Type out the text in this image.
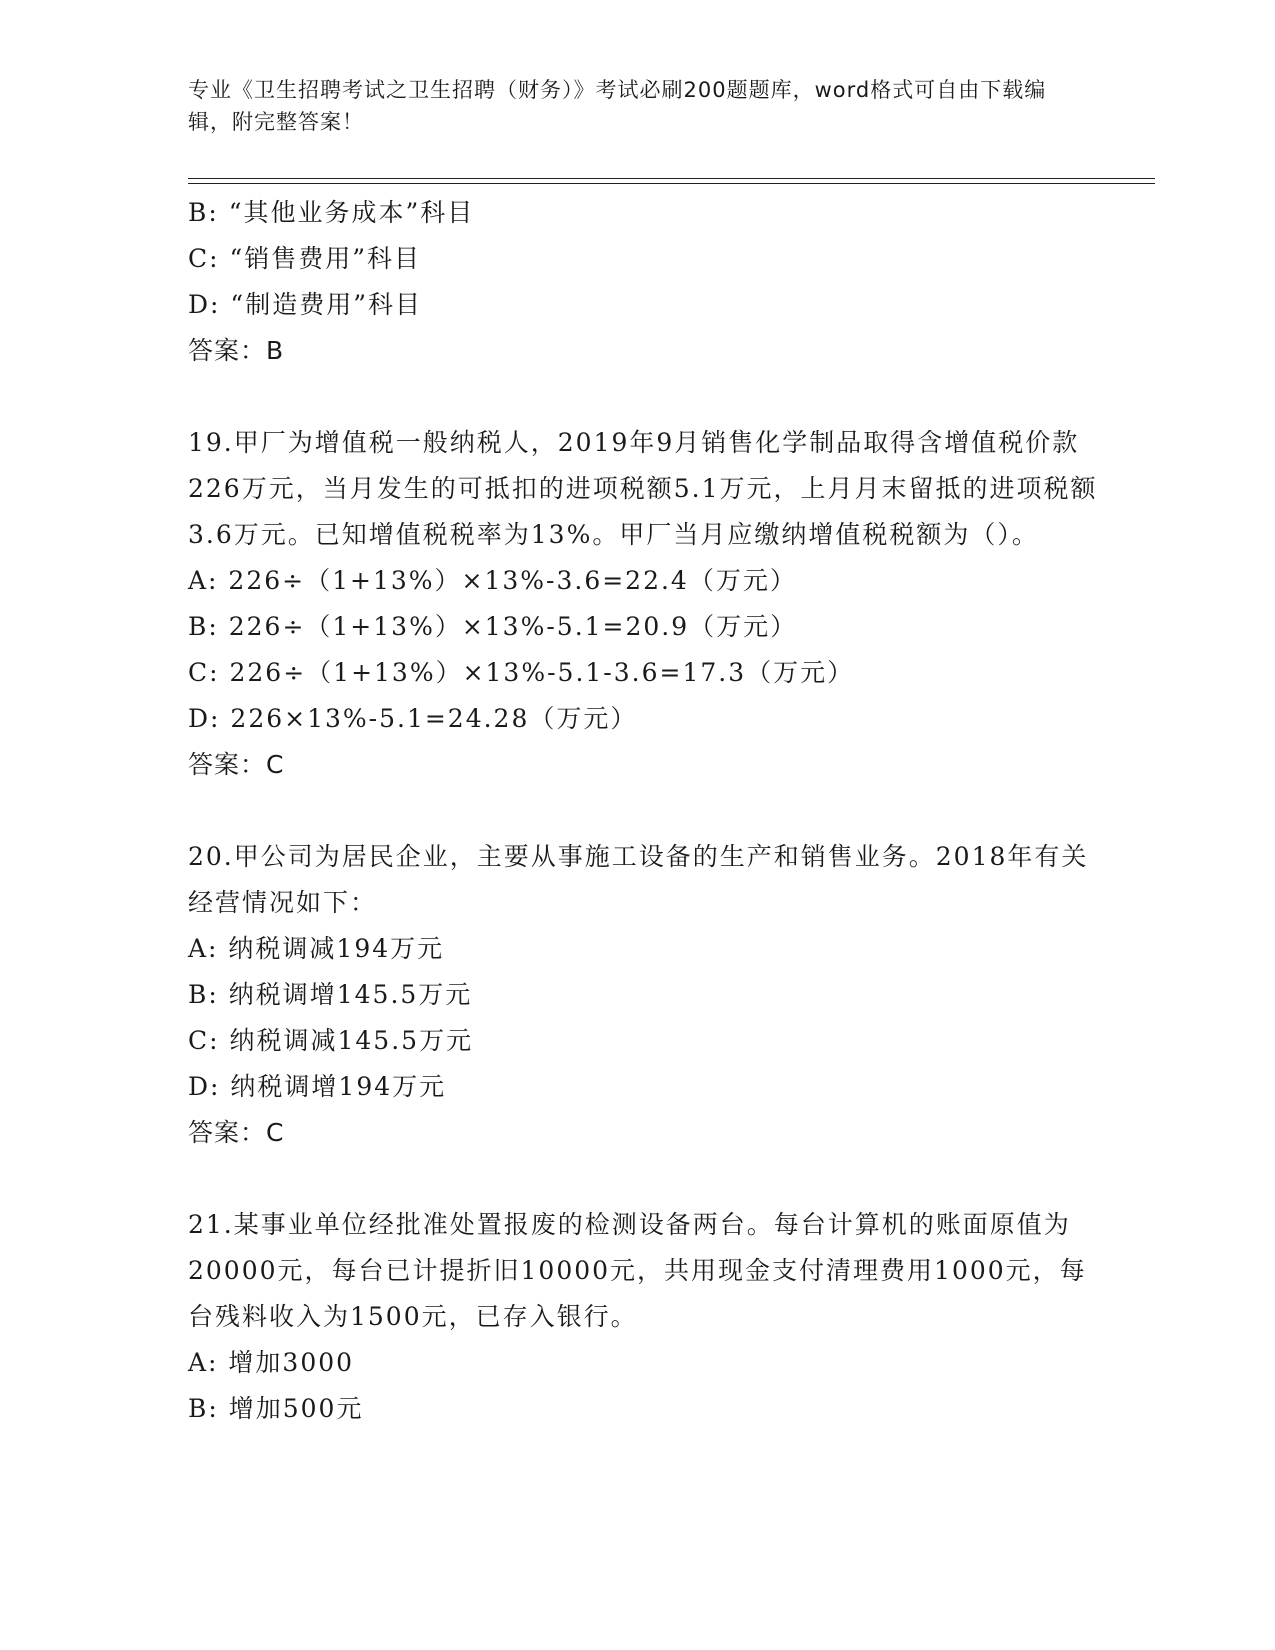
专业《卫生招聘考试之卫生招聘（财务）》考试必刷200题题库，word格式可自由下载编辑，附完整答案！
B: “其他业务成本”科目
C: “销售费用”科目
D: “制造费用”科目
答案：B
19.甲厂为增值税一般纳税人，2019年9月销售化学制品取得含增值税价款226万元，当月发生的可抵扣的进项税额5.1万元，上月月末留抵的进项税额3.6万元。已知增值税税率为13%。甲厂当月应缴纳增值税税额为（）。
A: 226÷（1+13%）×13%-3.6=22.4（万元）
B: 226÷（1+13%）×13%-5.1=20.9（万元）
C: 226÷（1+13%）×13%-5.1-3.6=17.3（万元）
D: 226×13%-5.1=24.28（万元）
答案：C
20.甲公司为居民企业，主要从事施工设备的生产和销售业务。2018年有关经营情况如下：
A: 纳税调减194万元
B: 纳税调增145.5万元
C: 纳税调减145.5万元
D: 纳税调增194万元
答案：C
21.某事业单位经批准处置报废的检测设备两台。每台计算机的账面原值为20000元，每台已计提折旧10000元，共用现金支付清理费用1000元，每台残料收入为1500元，已存入银行。
A: 增加3000
B: 增加500元
